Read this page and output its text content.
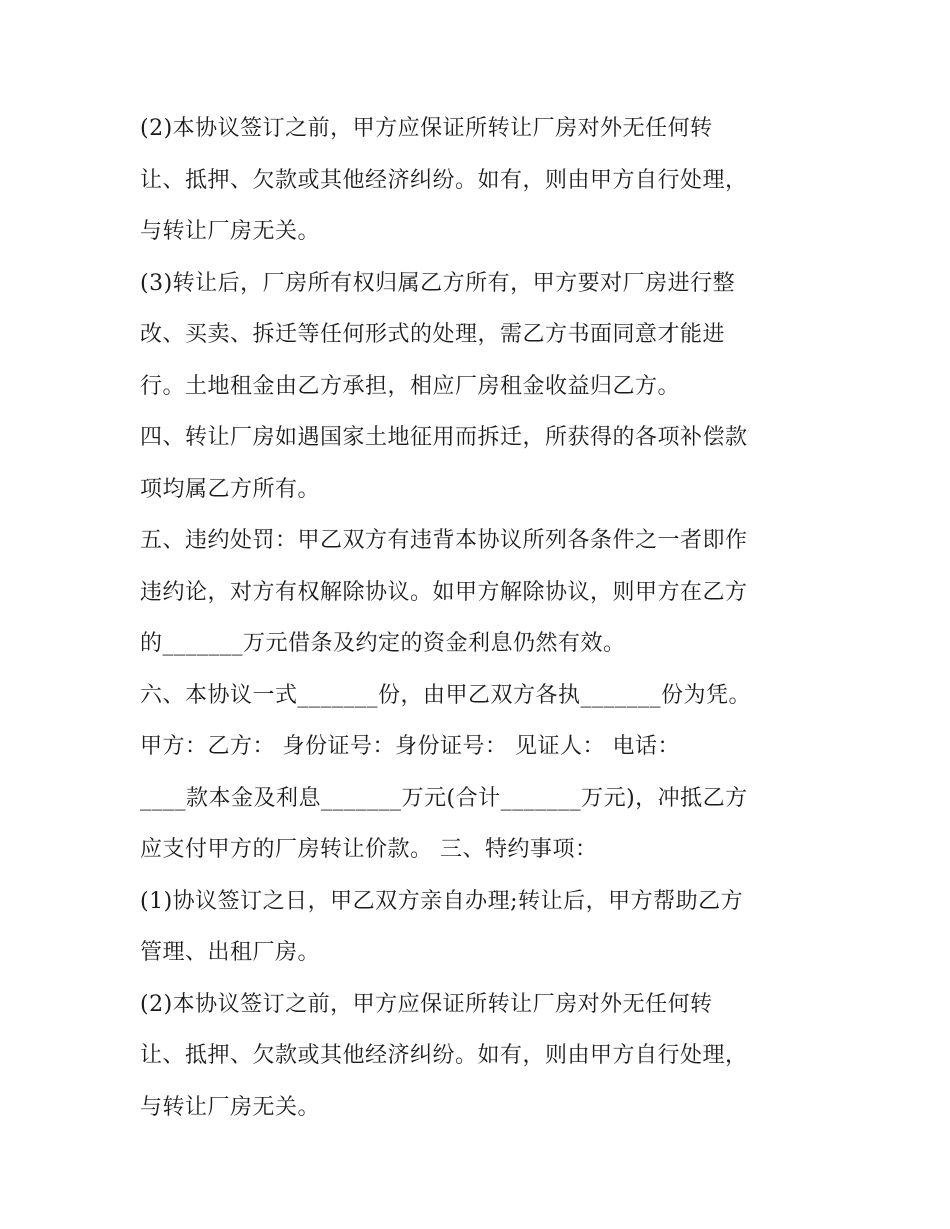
(2)本协议签订之前，甲方应保证所转让厂房对外无任何转
让、抵押、欠款或其他经济纠纷。如有，则由甲方自行处理，
与转让厂房无关。
(3)转让后，厂房所有权归属乙方所有，甲方要对厂房进行整
改、买卖、拆迁等任何形式的处理，需乙方书面同意才能进
行。土地租金由乙方承担，相应厂房租金收益归乙方。
四、转让厂房如遇国家土地征用而拆迁，所获得的各项补偿款
项均属乙方所有。
五、违约处罚：甲乙双方有违背本协议所列各条件之一者即作
违约论，对方有权解除协议。如甲方解除协议，则甲方在乙方
的_______万元借条及约定的资金利息仍然有效。
六、本协议一式_______份，由甲乙双方各执_______份为凭。
甲方：乙方： 身份证号：身份证号： 见证人： 电话：
____款本金及利息_______万元(合计_______万元)，冲抵乙方
应支付甲方的厂房转让价款。 三、特约事项：
(1)协议签订之日，甲乙双方亲自办理;转让后，甲方帮助乙方
管理、出租厂房。
(2)本协议签订之前，甲方应保证所转让厂房对外无任何转
让、抵押、欠款或其他经济纠纷。如有，则由甲方自行处理，
与转让厂房无关。
